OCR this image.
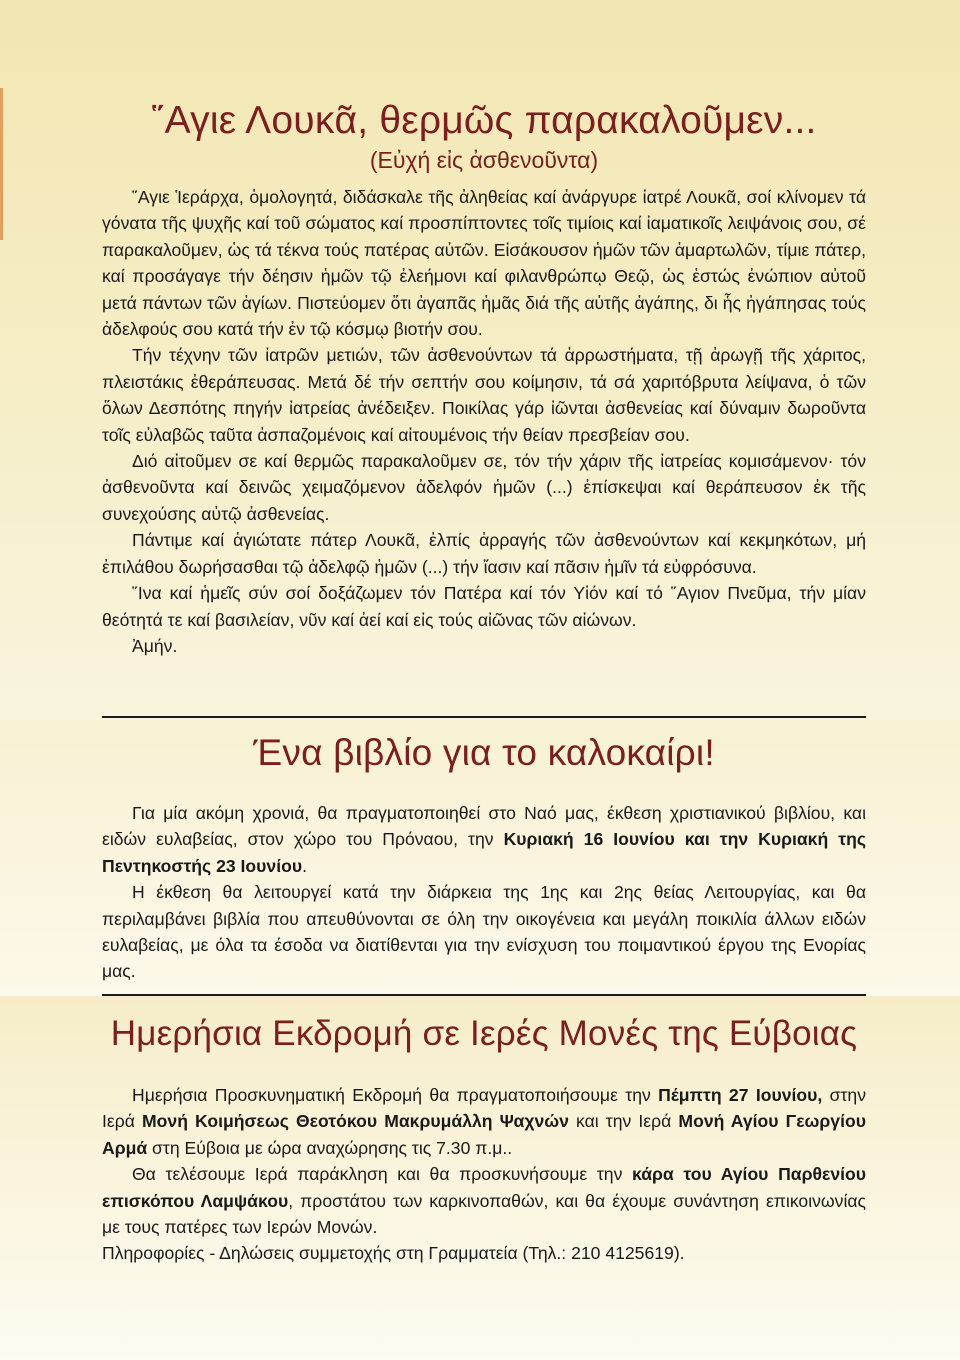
῞Αγιε Λουκᾶ, θερμῶς παρακαλοῦμεν...
(Εὐχή εἰς ἀσθενοῦντα)

῞Αγιε Ἱεράρχα, ὁμολογητά, διδάσκαλε τῆς ἀληθείας καί ἀνάργυρε ἰατρέ Λουκᾶ, σοί κλίνομεν τά γόνατα τῆς ψυχῆς καί τοῦ σώματος καί προσπίπτοντες τοῖς τιμίοις καί ἰαματικοῖς λειψάνοις σου, σέ παρακαλοῦμεν, ὡς τά τέκνα τούς πατέρας αὐτῶν. Εἰσάκουσον ἡμῶν τῶν ἁμαρτωλῶν, τίμιε πάτερ, καί προσάγαγε τήν δέησιν ἡμῶν τῷ ἐλεήμονι καί φιλανθρώπῳ Θεῷ, ὡς ἑστώς ἐνώπιον αὐτοῦ μετά πάντων τῶν ἁγίων. Πιστεύομεν ὅτι ἀγαπᾶς ἡμᾶς διά τῆς αὐτῆς ἀγάπης, δι ἧς ἠγάπησας τούς ἀδελφούς σου κατά τήν ἐν τῷ κόσμῳ βιοτήν σου.

Τήν τέχνην τῶν ἰατρῶν μετιών, τῶν ἀσθενούντων τά ἀρρωστήματα, τῇ ἀρωγῇ τῆς χάριτος, πλειστάκις ἐθεράπευσας. Μετά δέ τήν σεπτήν σου κοίμησιν, τά σά χαριτόβρυτα λείψανα, ὁ τῶν ὅλων Δεσπότης πηγήν ἰατρείας ἀνέδειξεν. Ποικίλας γάρ ἰῶνται ἀσθενείας καί δύναμιν δωροῦντα τοῖς εὐλαβῶς ταῦτα ἀσπαζομένοις καί αἰτουμένοις τήν θείαν πρεσβείαν σου.

Διό αἰτοῦμεν σε καί θερμῶς παρακαλοῦμεν σε, τόν τήν χάριν τῆς ἰατρείας κομισάμενον· τόν ἀσθενοῦντα καί δεινῶς χειμαζόμενον ἀδελφόν ἡμῶν (...) ἐπίσκεψαι καί θεράπευσον ἐκ τῆς συνεχούσης αὐτῷ ἀσθενείας.

Πάντιμε καί ἁγιώτατε πάτερ Λουκᾶ, ἐλπίς ἀρραγής τῶν ἀσθενούντων καί κεκμηκότων, μή ἐπιλάθου δωρήσασθαι τῷ ἀδελφῷ ἡμῶν (...) τήν ἴασιν καί πᾶσιν ἡμῖν τά εὐφρόσυνα.

῞Ινα καί ἡμεῖς σύν σοί δοξάζωμεν τόν Πατέρα καί τόν Υἱόν καί τό ῞Αγιον Πνεῦμα, τήν μίαν θεότητά τε καί βασιλείαν, νῦν καί ἀεί καί εἰς τούς αἰῶνας τῶν αἰώνων.

Ἀμήν.

Ένα βιβλίο για το καλοκαίρι!

Για μία ακόμη χρονιά, θα πραγματοποιηθεί στο Ναό μας, έκθεση χριστιανικού βιβλίου, και ειδών ευλαβείας, στον χώρο του Πρόναου, την Κυριακή 16 Ιουνίου και την Κυριακή της Πεντηκοστής 23 Ιουνίου.

Η έκθεση θα λειτουργεί κατά την διάρκεια της 1ης και 2ης θείας Λειτουργίας, και θα περιλαμβάνει βιβλία που απευθύνονται σε όλη την οικογένεια και μεγάλη ποικιλία άλλων ειδών ευλαβείας, με όλα τα έσοδα να διατίθενται για την ενίσχυση του ποιμαντικού έργου της Ενορίας μας.

Ημερήσια Εκδρομή σε Ιερές Μονές της Εύβοιας

Ημερήσια Προσκυνηματική Εκδρομή θα πραγματοποιήσουμε την Πέμπτη 27 Ιουνίου, στην Ιερά Μονή Κοιμήσεως Θεοτόκου Μακρυμάλλη Ψαχνών και την Ιερά Μονή Αγίου Γεωργίου Αρμά στη Εύβοια με ώρα αναχώρησης τις 7.30 π.μ..

Θα τελέσουμε Ιερά παράκληση και θα προσκυνήσουμε την κάρα του Αγίου Παρθενίου επισκόπου Λαμψάκου, προστάτου των καρκινοπαθών, και θα έχουμε συνάντηση επικοινωνίας με τους πατέρες των Ιερών Μονών.

Πληροφορίες - Δηλώσεις συμμετοχής στη Γραμματεία (Τηλ.: 210 4125619).
